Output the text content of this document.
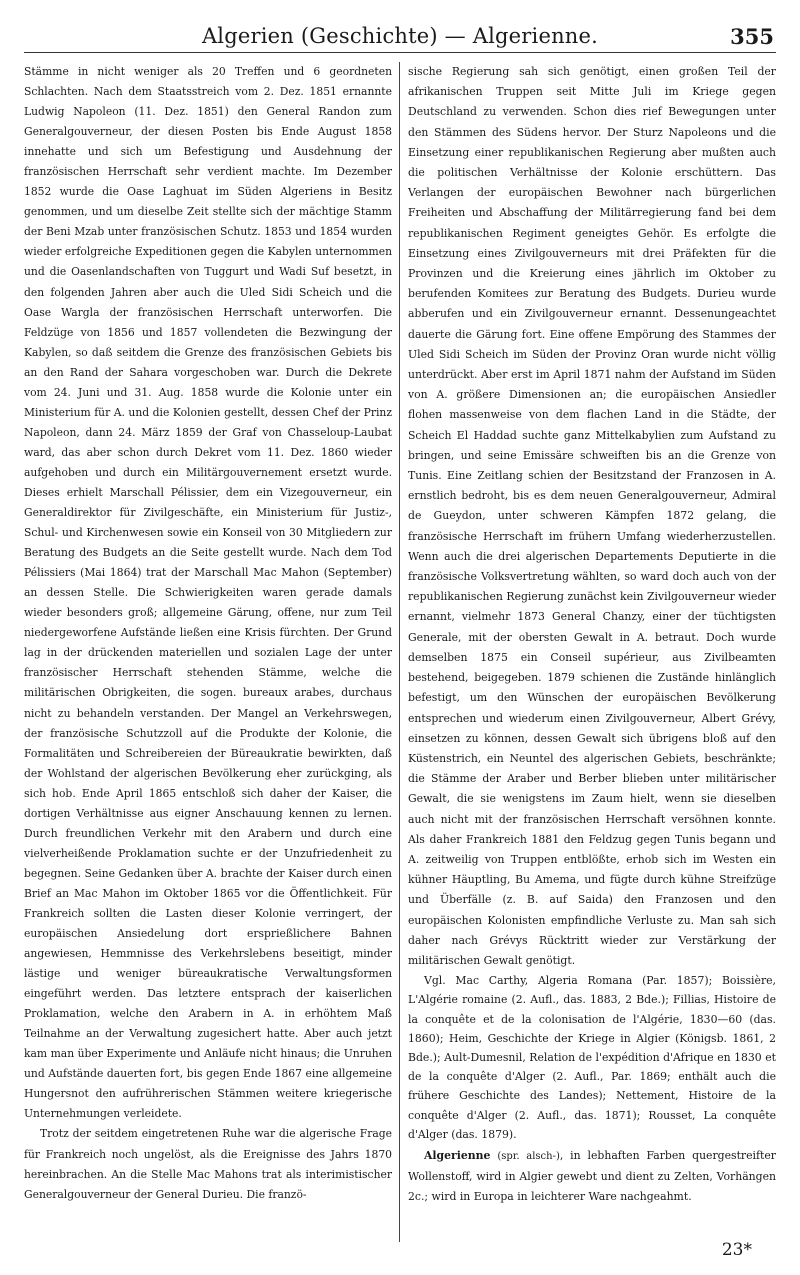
Algerien (Geschichte) — Algerienne.	355

Stämme in nicht weniger als 20 Treffen und 6 geordneten Schlachten. Nach dem Staatsstreich vom 2. Dez. 1851 ernannte Ludwig Napoleon (11. Dez. 1851) den General Randon zum Generalgouverneur, der diesen Posten bis Ende August 1858 innehatte und sich um Befestigung und Ausdehnung der französischen Herrschaft sehr verdient machte. Im Dezember 1852 wurde die Oase Laghuat im Süden Algeriens in Besitz genommen, und um dieselbe Zeit stellte sich der mächtige Stamm der Beni Mzab unter französischen Schutz. 1853 und 1854 wurden wieder erfolgreiche Expeditionen gegen die Kabylen unternommen und die Oasenlandschaften von Tuggurt und Wadi Suf besetzt, in den folgenden Jahren aber auch die Uled Sidi Scheich und die Oase Wargla der französischen Herrschaft unterworfen. Die Feldzüge von 1856 und 1857 vollendeten die Bezwingung der Kabylen, so daß seitdem die Grenze des französischen Gebiets bis an den Rand der Sahara vorgeschoben war. Durch die Dekrete vom 24. Juni und 31. Aug. 1858 wurde die Kolonie unter ein Ministerium für A. und die Kolonien gestellt, dessen Chef der Prinz Napoleon, dann 24. März 1859 der Graf von Chasseloup-Laubat ward, das aber schon durch Dekret vom 11. Dez. 1860 wieder aufgehoben und durch ein Militärgouvernement ersetzt wurde. Dieses erhielt Marschall Pélissier, dem ein Vizegouverneur, ein Generaldirektor für Zivilgeschäfte, ein Ministerium für Justiz-, Schul- und Kirchenwesen sowie ein Konseil von 30 Mitgliedern zur Beratung des Budgets an die Seite gestellt wurde. Nach dem Tod Pélissiers (Mai 1864) trat der Marschall Mac Mahon (September) an dessen Stelle. Die Schwierigkeiten waren gerade damals wieder besonders groß; allgemeine Gärung, offene, nur zum Teil niedergeworfene Aufstände ließen eine Krisis fürchten. Der Grund lag in der drückenden materiellen und sozialen Lage der unter französischer Herrschaft stehenden Stämme, welche die militärischen Obrigkeiten, die sogen. bureaux arabes, durchaus nicht zu behandeln verstanden. Der Mangel an Verkehrswegen, der französische Schutzzoll auf die Produkte der Kolonie, die Formalitäten und Schreibereien der Büreaukratie bewirkten, daß der Wohlstand der algerischen Bevölkerung eher zurückging, als sich hob. Ende April 1865 entschloß sich daher der Kaiser, die dortigen Verhältnisse aus eigner Anschauung kennen zu lernen. Durch freundlichen Verkehr mit den Arabern und durch eine vielverheißende Proklamation suchte er der Unzufriedenheit zu begegnen. Seine Gedanken über A. brachte der Kaiser durch einen Brief an Mac Mahon im Oktober 1865 vor die Öffentlichkeit. Für Frankreich sollten die Lasten dieser Kolonie verringert, der europäischen Ansiedelung dort ersprießlichere Bahnen angewiesen, Hemmnisse des Verkehrslebens beseitigt, minder lästige und weniger büreaukratische Verwaltungsformen eingeführt werden. Das letztere entsprach der kaiserlichen Proklamation, welche den Arabern in A. in erhöhtem Maß Teilnahme an der Verwaltung zugesichert hatte. Aber auch jetzt kam man über Experimente und Anläufe nicht hinaus; die Unruhen und Aufstände dauerten fort, bis gegen Ende 1867 eine allgemeine Hungersnot den aufrührerischen Stämmen weitere kriegerische Unternehmungen verleidete.

Trotz der seitdem eingetretenen Ruhe war die algerische Frage für Frankreich noch ungelöst, als die Ereignisse des Jahrs 1870 hereinbrachen. An die Stelle Mac Mahons trat als interimistischer Generalgouverneur der General Durieu. Die franzö-

sische Regierung sah sich genötigt, einen großen Teil der afrikanischen Truppen seit Mitte Juli im Kriege gegen Deutschland zu verwenden. Schon dies rief Bewegungen unter den Stämmen des Südens hervor. Der Sturz Napoleons und die Einsetzung einer republikanischen Regierung aber mußten auch die politischen Verhältnisse der Kolonie erschüttern. Das Verlangen der europäischen Bewohner nach bürgerlichen Freiheiten und Abschaffung der Militärregierung fand bei dem republikanischen Regiment geneigtes Gehör. Es erfolgte die Einsetzung eines Zivilgouverneurs mit drei Präfekten für die Provinzen und die Kreierung eines jährlich im Oktober zu berufenden Komitees zur Beratung des Budgets. Durieu wurde abberufen und ein Zivilgouverneur ernannt. Dessenungeachtet dauerte die Gärung fort. Eine offene Empörung des Stammes der Uled Sidi Scheich im Süden der Provinz Oran wurde nicht völlig unterdrückt. Aber erst im April 1871 nahm der Aufstand im Süden von A. größere Dimensionen an; die europäischen Ansiedler flohen massenweise von dem flachen Land in die Städte, der Scheich El Haddad suchte ganz Mittelkabylien zum Aufstand zu bringen, und seine Emissäre schweiften bis an die Grenze von Tunis. Eine Zeitlang schien der Besitzstand der Franzosen in A. ernstlich bedroht, bis es dem neuen Generalgouverneur, Admiral de Gueydon, unter schweren Kämpfen 1872 gelang, die französische Herrschaft im frühern Umfang wiederherzustellen. Wenn auch die drei algerischen Departements Deputierte in die französische Volksvertretung wählten, so ward doch auch von der republikanischen Regierung zunächst kein Zivilgouverneur wieder ernannt, vielmehr 1873 General Chanzy, einer der tüchtigsten Generale, mit der obersten Gewalt in A. betraut. Doch wurde demselben 1875 ein Conseil supérieur, aus Zivilbeamten bestehend, beigegeben. 1879 schienen die Zustände hinlänglich befestigt, um den Wünschen der europäischen Bevölkerung entsprechen und wiederum einen Zivilgouverneur, Albert Grévy, einsetzen zu können, dessen Gewalt sich übrigens bloß auf den Küstenstrich, ein Neuntel des algerischen Gebiets, beschränkte; die Stämme der Araber und Berber blieben unter militärischer Gewalt, die sie wenigstens im Zaum hielt, wenn sie dieselben auch nicht mit der französischen Herrschaft versöhnen konnte. Als daher Frankreich 1881 den Feldzug gegen Tunis begann und A. zeitweilig von Truppen entblößte, erhob sich im Westen ein kühner Häuptling, Bu Amema, und fügte durch kühne Streifzüge und Überfälle (z. B. auf Saida) den Franzosen und den europäischen Kolonisten empfindliche Verluste zu. Man sah sich daher nach Grévys Rücktritt wieder zur Verstärkung der militärischen Gewalt genötigt.

Vgl. Mac Carthy, Algeria Romana (Par. 1857); Boissière, L'Algérie romaine (2. Aufl., das. 1883, 2 Bde.); Fillias, Histoire de la conquête et de la colonisation de l'Algérie, 1830—60 (das. 1860); Heim, Geschichte der Kriege in Algier (Königsb. 1861, 2 Bde.); Ault-Dumesnil, Relation de l'expédition d'Afrique en 1830 et de la conquête d'Alger (2. Aufl., Par. 1869; enthält auch die frühere Geschichte des Landes); Nettement, Histoire de la conquête d'Alger (2. Aufl., das. 1871); Rousset, La conquête d'Alger (das. 1879).

Algerienne (spr. alsch-), in lebhaften Farben quergestreifter Wollenstoff, wird in Algier gewebt und dient zu Zelten, Vorhängen 2c.; wird in Europa in leichterer Ware nachgeahmt.

23*
